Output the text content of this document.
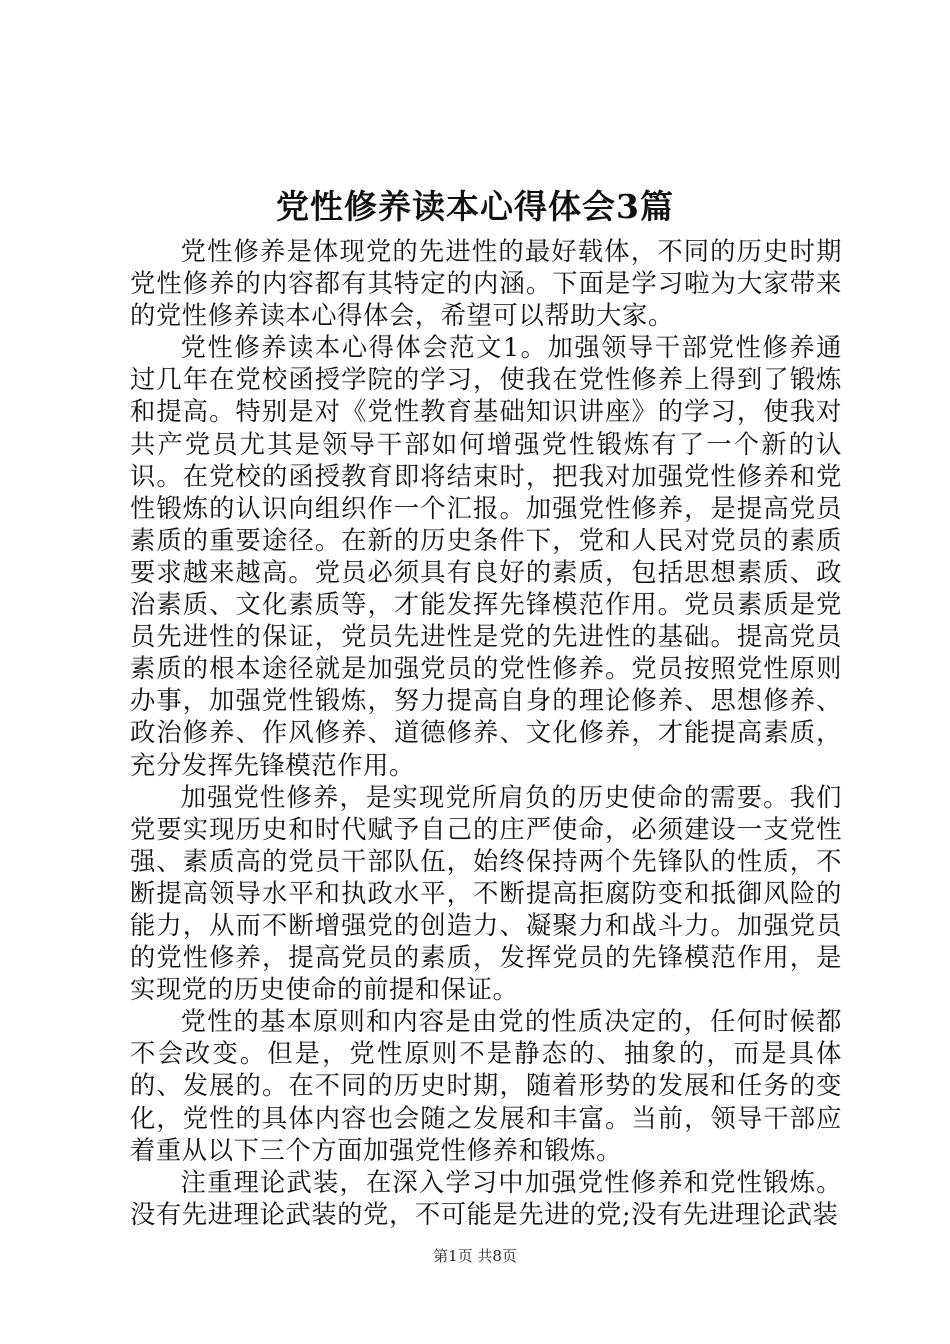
党性修养读本心得体会3篇

党性修养是体现党的先进性的最好载体，不同的历史时期党性修养的内容都有其特定的内涵。下面是学习啦为大家带来的党性修养读本心得体会，希望可以帮助大家。

党性修养读本心得体会范文1。加强领导干部党性修养通过几年在党校函授学院的学习，使我在党性修养上得到了锻炼和提高。特别是对《党性教育基础知识讲座》的学习，使我对共产党员尤其是领导干部如何增强党性锻炼有了一个新的认识。在党校的函授教育即将结束时，把我对加强党性修养和党性锻炼的认识向组织作一个汇报。加强党性修养，是提高党员素质的重要途径。在新的历史条件下，党和人民对党员的素质要求越来越高。党员必须具有良好的素质，包括思想素质、政治素质、文化素质等，才能发挥先锋模范作用。党员素质是党员先进性的保证，党员先进性是党的先进性的基础。提高党员素质的根本途径就是加强党员的党性修养。党员按照党性原则办事，加强党性锻炼，努力提高自身的理论修养、思想修养、政治修养、作风修养、道德修养、文化修养，才能提高素质，充分发挥先锋模范作用。

加强党性修养，是实现党所肩负的历史使命的需要。我们党要实现历史和时代赋予自己的庄严使命，必须建设一支党性强、素质高的党员干部队伍，始终保持两个先锋队的性质，不断提高领导水平和执政水平，不断提高拒腐防变和抵御风险的能力，从而不断增强党的创造力、凝聚力和战斗力。加强党员的党性修养，提高党员的素质，发挥党员的先锋模范作用，是实现党的历史使命的前提和保证。

党性的基本原则和内容是由党的性质决定的，任何时候都不会改变。但是，党性原则不是静态的、抽象的，而是具体的、发展的。在不同的历史时期，随着形势的发展和任务的变化，党性的具体内容也会随之发展和丰富。当前，领导干部应着重从以下三个方面加强党性修养和锻炼。

注重理论武装，在深入学习中加强党性修养和党性锻炼。没有先进理论武装的党，不可能是先进的党;没有先进理论武装

第1页 共8页
